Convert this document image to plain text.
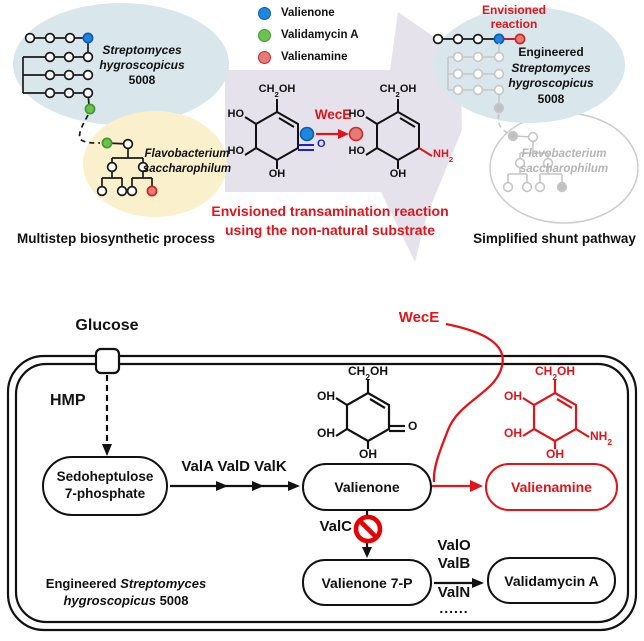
Streptomyces
hygroscopicus
5008
Flavobacterium
saccharophilum
Multistep biosynthetic process
Valienone
Validamycin A
Valienamine
WecE
Envisioned transamination reaction
using the non-natural substrate
Envisioned
reaction
Engineered
Streptomyces
hygroscopicus
5008
Flavobacterium
saccharophilum
Simplified shunt pathway
$CH_2OH$
HO
HO
OH
O
$CH_2OH$
HO
HO
OH
$NH_2$
$CH_2OH$
OH
OH
OH
O
$CH_2OH$
OH
OH
OH
$NH_2$
Glucose
HMP
ValA ValD ValK
WecE
ValC
ValO
ValB
ValN
......
Engineered Streptomyces
hygroscopicus 5008
Sedoheptulose
7-phosphate	Valienone	Valienamine
Valienone 7-P	Validamycin A
